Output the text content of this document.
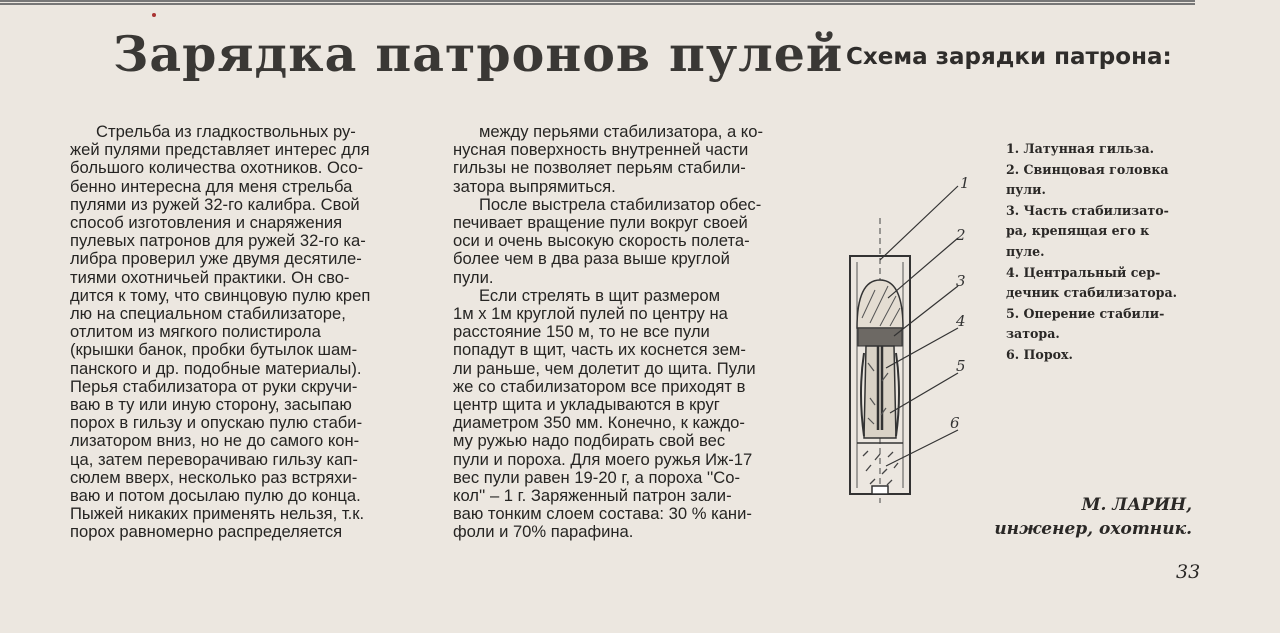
Зарядка патронов пулей Схема зарядки патрона:

Стрельба из гладкоствольных ру-
жей пулями представляет интерес для
большого количества охотников. Осо-
бенно интересна для меня стрельба
пулями из ружей 32-го калибра. Свой
способ изготовления и снаряжения
пулевых патронов для ружей 32-го ка-
либра проверил уже двумя десятиле-
тиями охотничьей практики. Он сво-
дится к тому, что свинцовую пулю креп
лю на специальном стабилизаторе,
отлитом из мягкого полистирола
(крышки банок, пробки бутылок шам-
панского и др. подобные материалы).
Перья стабилизатора от руки скручи-
ваю в ту или иную сторону, засыпаю
порох в гильзу и опускаю пулю стаби-
лизатором вниз, но не до самого кон-
ца, затем переворачиваю гильзу кап-
сюлем вверх, несколько раз встряхи-
ваю и потом досылаю пулю до конца.
Пыжей никаких применять нельзя, т.к.
порох равномерно распределяется

между перьями стабилизатора, а ко-
нусная поверхность внутренней части
гильзы не позволяет перьям стабили-
затора выпрямиться.

После выстрела стабилизатор обес-
печивает вращение пули вокруг своей
оси и очень высокую скорость полета-
более чем в два раза выше круглой
пули.

Если стрелять в щит размером
1м х 1м круглой пулей по центру на
расстояние 150 м, то не все пули
попадут в щит, часть их коснется зем-
ли раньше, чем долетит до щита. Пули
же со стабилизатором все приходят в
центр щита и укладываются в круг
диаметром 350 мм. Конечно, к каждо-
му ружью надо подбирать свой вес
пули и пороха. Для моего ружья Иж-17
вес пули равен 19-20 г, а пороха ''Со-
кол'' – 1 г. Заряженный патрон зали-
ваю тонким слоем состава: 30 % кани-
фоли и 70% парафина.

1
2
3
4
5
6
1. Латунная гильза.
2. Свинцовая головка
пули.
3. Часть стабилизато-
ра, крепящая его к
пуле.
4. Центральный сер-
дечник стабилизатора.
5. Оперение стабили-
затора.
6. Порох.
М. ЛАРИН,
инженер, охотник.
33
